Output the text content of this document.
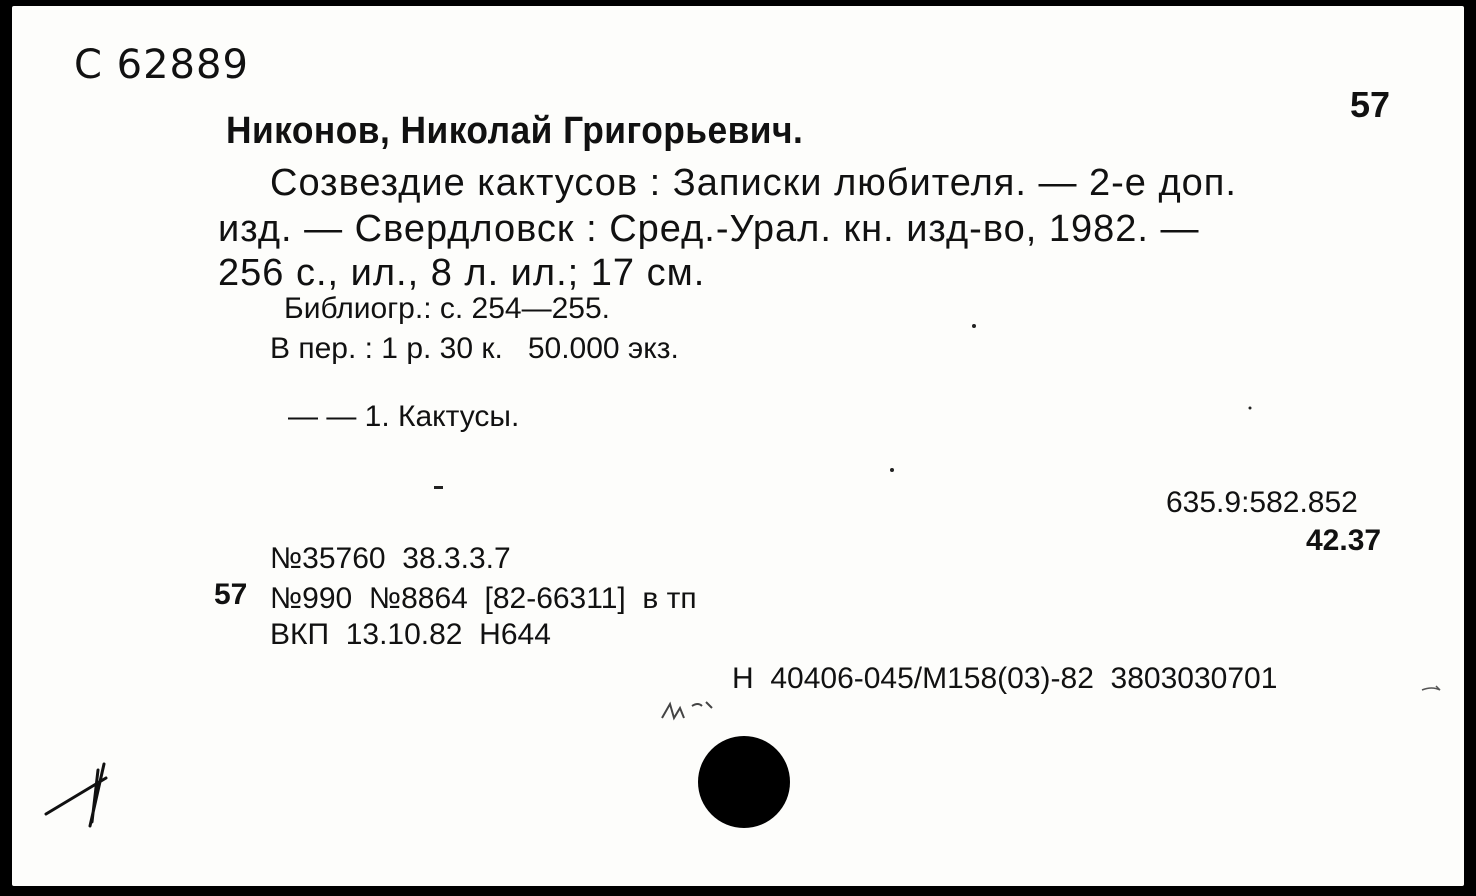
С 62889
57
Никонов, Николай Григорьевич.
Созвездие кактусов : Записки любителя. — 2-е доп.
изд. — Свердловск : Сред.-Урал. кн. изд-во, 1982. —
256 с., ил., 8 л. ил.; 17 см.
Библиогр.: с. 254—255.
В пер. : 1 р. 30 к.   50.000 экз.
— — 1. Кактусы.
635.9:582.852
42.37
№35760  38.3.3.7
57 №990  №8864  [82-66311]  в тп
ВКП  13.10.82  Н644
Н  40406-045/М158(03)-82  3803030701
